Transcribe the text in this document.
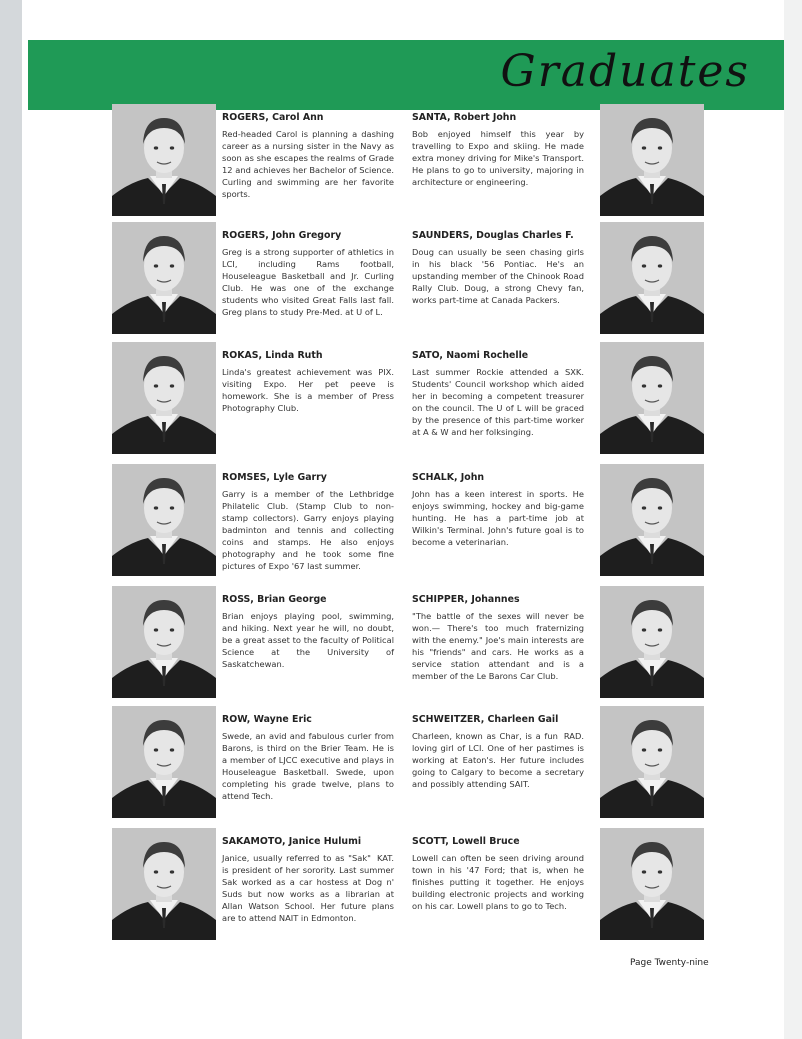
Graduates
ROGERS, Carol Ann

Red-headed Carol is planning a dashing career as a nursing sister in the Navy as soon as she escapes the realms of Grade 12 and achieves her Bachelor of Science. Curling and swimming are her favorite sports.

ROGERS, John Gregory

Greg is a strong supporter of athletics in LCI, including Rams football, Houseleague Basketball and Jr. Curling Club. He was one of the exchange students who visited Great Falls last fall. Greg plans to study Pre-Med. at U of L.

ROKAS, Linda Ruth

PIX.
Linda's greatest achievement was visiting Expo. Her pet peeve is homework. She is a member of Press Photography Club.

ROMSES, Lyle Garry

Garry is a member of the Lethbridge Philatelic Club. (Stamp Club to non-stamp collectors). Garry enjoys playing badminton and tennis and collecting coins and stamps. He also enjoys photography and he took some fine pictures of Expo '67 last summer.

ROSS, Brian George

Brian enjoys playing pool, swimming, and hiking. Next year he will, no doubt, be a great asset to the faculty of Political Science at the University of Saskatchewan.

ROW, Wayne Eric

Swede, an avid and fabulous curler from Barons, is third on the Brier Team. He is a member of LJCC executive and plays in Houseleague Basketball. Swede, upon completing his grade twelve, plans to attend Tech.

SAKAMOTO, Janice Hulumi

KAT.
Janice, usually referred to as "Sak" is president of her sorority. Last summer Sak worked as a car hostess at Dog n' Suds but now works as a librarian at Allan Watson School. Her future plans are to attend NAIT in Edmonton.

SANTA, Robert John

Bob enjoyed himself this year by travelling to Expo and skiing. He made extra money driving for Mike's Transport. He plans to go to university, majoring in architecture or engineering.

SAUNDERS, Douglas Charles F.

Doug can usually be seen chasing girls in his black '56 Pontiac. He's an upstanding member of the Chinook Road Rally Club. Doug, a strong Chevy fan, works part-time at Canada Packers.

SATO, Naomi Rochelle

SXK.
Last summer Rockie attended a Students' Council workshop which aided her in becoming a competent treasurer on the council. The U of L will be graced by the presence of this part-time worker at A & W and her folksinging.

SCHALK, John

John has a keen interest in sports. He enjoys swimming, hockey and big-game hunting. He has a part-time job at Wilkin's Terminal. John's future goal is to become a veterinarian.

SCHIPPER, Johannes

"The battle of the sexes will never be won.— There's too much fraternizing with the enemy." Joe's main interests are his "friends" and cars. He works as a service station attendant and is a member of the Le Barons Car Club.

SCHWEITZER, Charleen Gail

RAD.
Charleen, known as Char, is a fun loving girl of LCI. One of her pastimes is working at Eaton's. Her future includes going to Calgary to become a secretary and possibly attending SAIT.

SCOTT, Lowell Bruce

Lowell can often be seen driving around town in his '47 Ford; that is, when he finishes putting it together. He enjoys building electronic projects and working on his car. Lowell plans to go to Tech.

Page Twenty-nine
